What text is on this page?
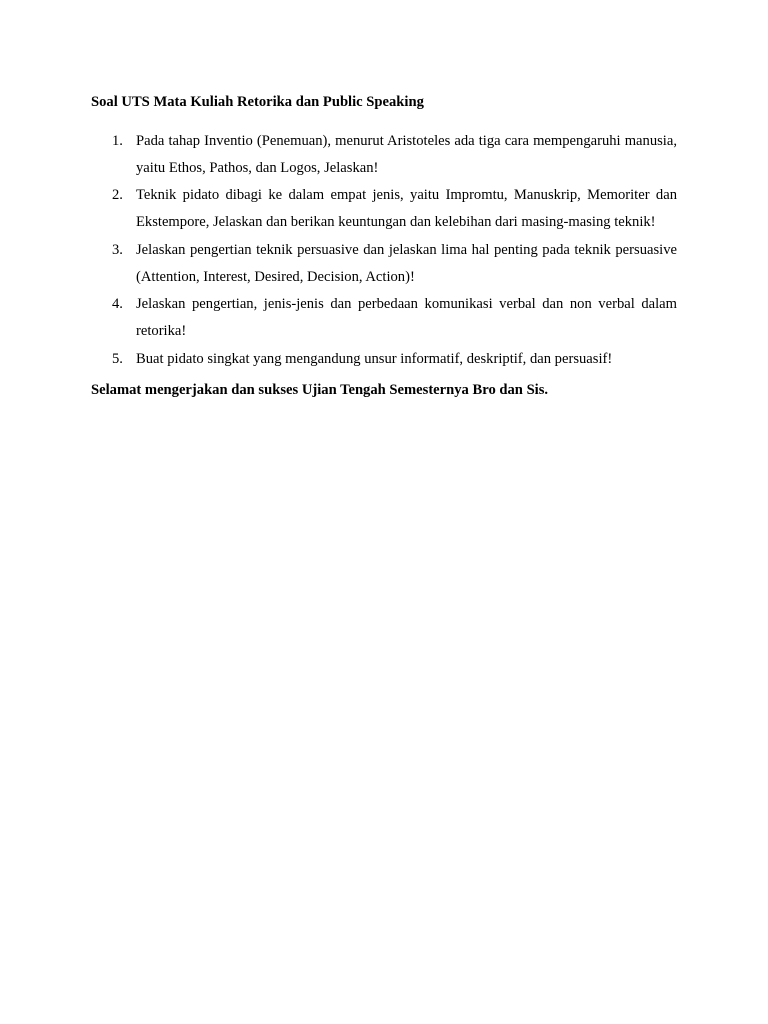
Soal UTS Mata Kuliah Retorika dan Public Speaking
1. Pada tahap Inventio (Penemuan), menurut Aristoteles ada tiga cara mempengaruhi manusia, yaitu Ethos, Pathos, dan Logos, Jelaskan!
2. Teknik pidato dibagi ke dalam empat jenis, yaitu Impromtu, Manuskrip, Memoriter dan Ekstempore, Jelaskan dan berikan keuntungan dan kelebihan dari masing-masing teknik!
3. Jelaskan pengertian teknik persuasive dan jelaskan lima hal penting pada teknik persuasive (Attention, Interest, Desired, Decision, Action)!
4. Jelaskan pengertian, jenis-jenis dan perbedaan komunikasi verbal dan non verbal dalam retorika!
5. Buat pidato singkat yang mengandung unsur informatif, deskriptif, dan persuasif!
Selamat mengerjakan dan sukses Ujian Tengah Semesternya Bro dan Sis.
